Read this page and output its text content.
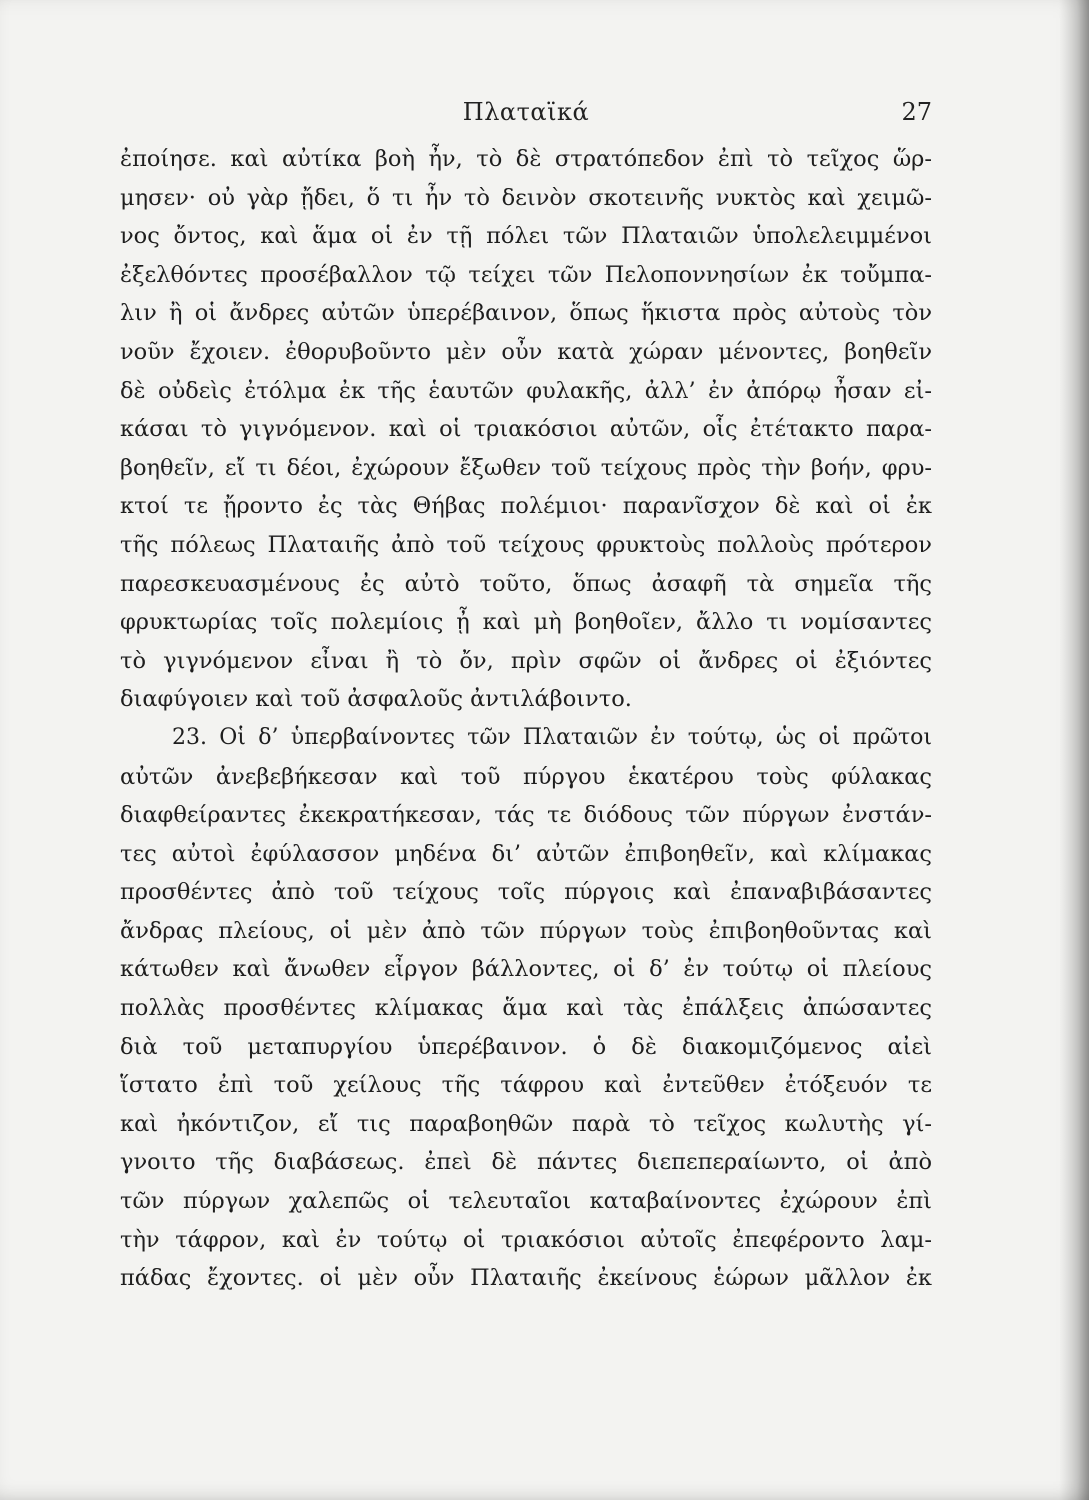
Πλαταϊκά	27
ἐποίησε. καὶ αὐτίκα βοὴ ἦν, τὸ δὲ στρατόπεδον ἐπὶ τὸ τεῖχος ὥρ-
μησεν· οὐ γὰρ ᾔδει, ὅ τι ἦν τὸ δεινὸν σκοτεινῆς νυκτὸς καὶ χειμῶ-
νος ὄντος, καὶ ἅμα οἱ ἐν τῇ πόλει τῶν Πλαταιῶν ὑπολελειμμένοι
ἐξελθόντες προσέβαλλον τῷ τείχει τῶν Πελοποννησίων ἐκ τοὔμπα-
λιν ἢ οἱ ἄνδρες αὐτῶν ὑπερέβαινον, ὅπως ἥκιστα πρὸς αὐτοὺς τὸν
νοῦν ἔχοιεν. ἐθορυβοῦντο μὲν οὖν κατὰ χώραν μένοντες, βοηθεῖν
δὲ οὐδεὶς ἐτόλμα ἐκ τῆς ἑαυτῶν φυλακῆς, ἀλλ’ ἐν ἀπόρῳ ἦσαν εἰ-
κάσαι τὸ γιγνόμενον. καὶ οἱ τριακόσιοι αὐτῶν, οἷς ἐτέτακτο παρα-
βοηθεῖν, εἴ τι δέοι, ἐχώρουν ἔξωθεν τοῦ τείχους πρὸς τὴν βοήν, φρυ-
κτοί τε ᾔροντο ἐς τὰς Θήβας πολέμιοι· παρανῖσχον δὲ καὶ οἱ ἐκ
τῆς πόλεως Πλαταιῆς ἀπὸ τοῦ τείχους φρυκτοὺς πολλοὺς πρότερον
παρεσκευασμένους ἐς αὐτὸ τοῦτο, ὅπως ἀσαφῆ τὰ σημεῖα τῆς
φρυκτωρίας τοῖς πολεμίοις ᾖ καὶ μὴ βοηθοῖεν, ἄλλο τι νομίσαντες
τὸ γιγνόμενον εἶναι ἢ τὸ ὄν, πρὶν σφῶν οἱ ἄνδρες οἱ ἐξιόντες
διαφύγοιεν καὶ τοῦ ἀσφαλοῦς ἀντιλάβοιντο.
23. Οἱ δ’ ὑπερβαίνοντες τῶν Πλαταιῶν ἐν τούτῳ, ὡς οἱ πρῶτοι
αὐτῶν ἀνεβεβήκεσαν καὶ τοῦ πύργου ἑκατέρου τοὺς φύλακας
διαφθείραντες ἐκεκρατήκεσαν, τάς τε διόδους τῶν πύργων ἐνστάν-
τες αὐτοὶ ἐφύλασσον μηδένα δι’ αὐτῶν ἐπιβοηθεῖν, καὶ κλίμακας
προσθέντες ἀπὸ τοῦ τείχους τοῖς πύργοις καὶ ἐπαναβιβάσαντες
ἄνδρας πλείους, οἱ μὲν ἀπὸ τῶν πύργων τοὺς ἐπιβοηθοῦντας καὶ
κάτωθεν καὶ ἄνωθεν εἶργον βάλλοντες, οἱ δ’ ἐν τούτῳ οἱ πλείους
πολλὰς προσθέντες κλίμακας ἅμα καὶ τὰς ἐπάλξεις ἀπώσαντες
διὰ τοῦ μεταπυργίου ὑπερέβαινον. ὁ δὲ διακομιζόμενος αἰεὶ
ἵστατο ἐπὶ τοῦ χείλους τῆς τάφρου καὶ ἐντεῦθεν ἐτόξευόν τε
καὶ ἠκόντιζον, εἴ τις παραβοηθῶν παρὰ τὸ τεῖχος κωλυτὴς γί-
γνοιτο τῆς διαβάσεως. ἐπεὶ δὲ πάντες διεπεπεραίωντο, οἱ ἀπὸ
τῶν πύργων χαλεπῶς οἱ τελευταῖοι καταβαίνοντες ἐχώρουν ἐπὶ
τὴν τάφρον, καὶ ἐν τούτῳ οἱ τριακόσιοι αὐτοῖς ἐπεφέροντο λαμ-
πάδας ἔχοντες. οἱ μὲν οὖν Πλαταιῆς ἐκείνους ἑώρων μᾶλλον ἐκ
